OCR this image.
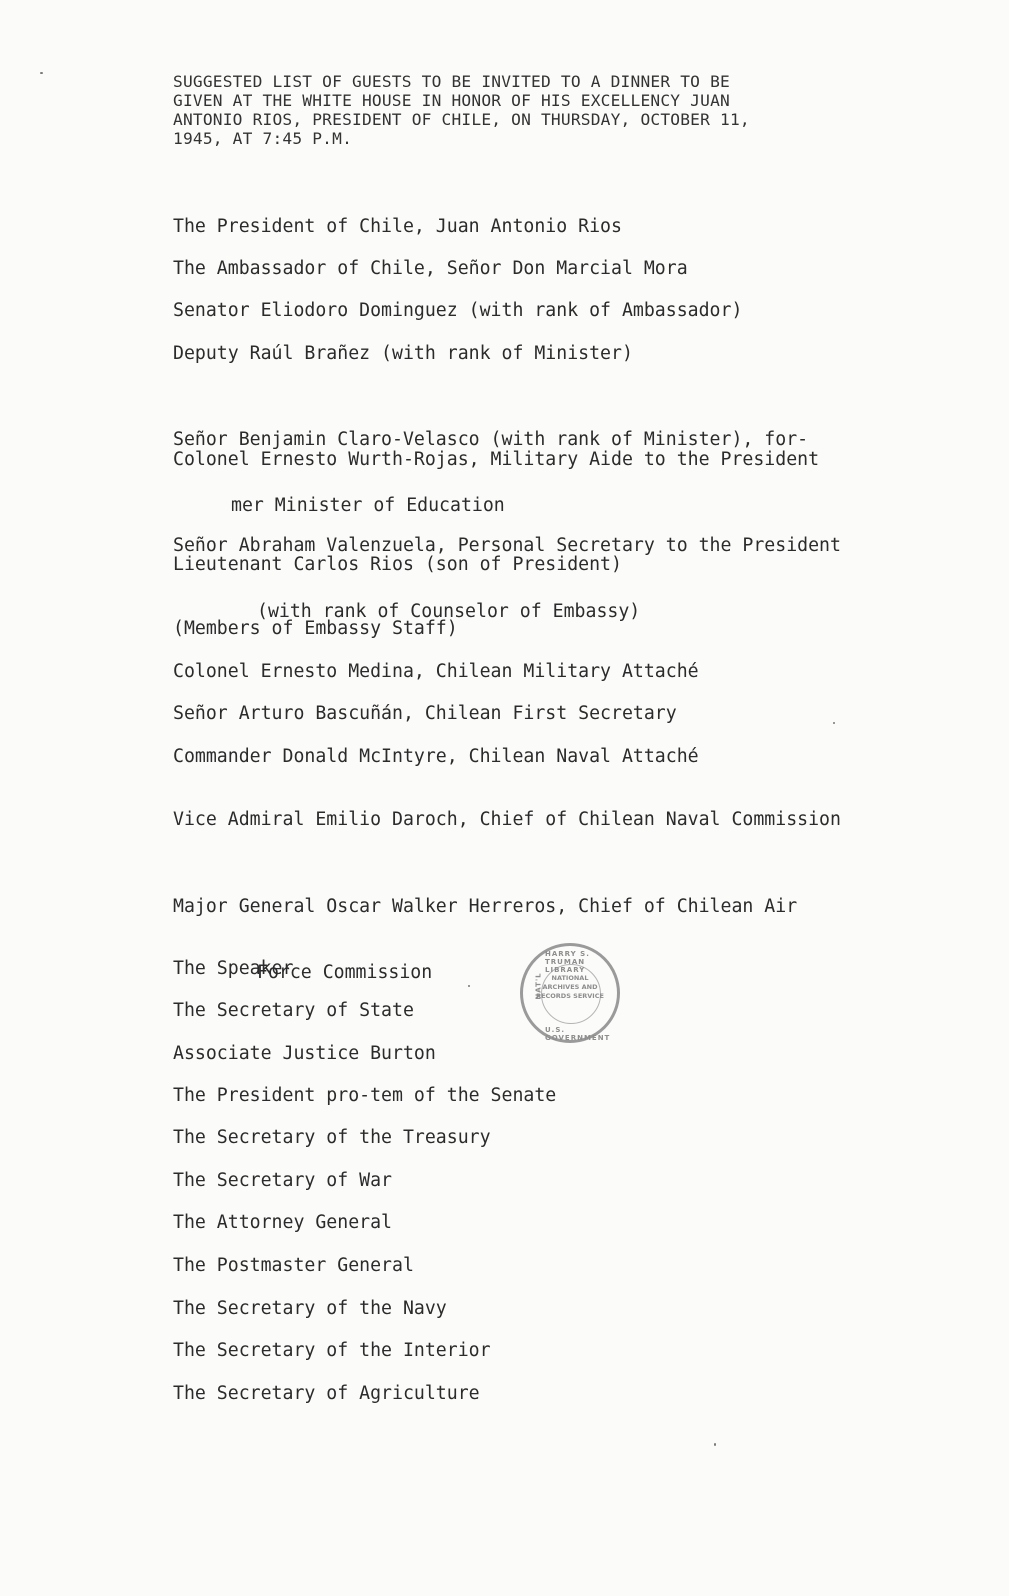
SUGGESTED LIST OF GUESTS TO BE INVITED TO A DINNER TO BE
GIVEN AT THE WHITE HOUSE IN HONOR OF HIS EXCELLENCY JUAN
ANTONIO RIOS, PRESIDENT OF CHILE, ON THURSDAY, OCTOBER 11,
1945, AT 7:45 P.M.
The President of Chile, Juan Antonio Rios
The Ambassador of Chile, Señor Don Marcial Mora
Senator Eliodoro Dominguez (with rank of Ambassador)
Deputy Raúl Brañez (with rank of Minister)

Señor Benjamin Claro-Velasco (with rank of Minister), for-

mer Minister of Education

Colonel Ernesto Wurth-Rojas, Military Aide to the President

Señor Abraham Valenzuela, Personal Secretary to the President

(with rank of Counselor of Embassy)

Lieutenant Carlos Rios (son of President)
(Members of Embassy Staff)
Colonel Ernesto Medina, Chilean Military Attaché
Señor Arturo Bascuñán, Chilean First Secretary
Commander Donald McIntyre, Chilean Naval Attaché
Vice Admiral Emilio Daroch, Chief of Chilean Naval Commission

Major General Oscar Walker Herreros, Chief of Chilean Air

Force Commission

The Speaker
The Secretary of State
Associate Justice Burton
The President pro-tem of the Senate
The Secretary of the Treasury
The Secretary of War
The Attorney General
The Postmaster General
The Secretary of the Navy
The Secretary of the Interior
The Secretary of Agriculture
HARRY S. TRUMAN LIBRARY
NAT'L
U.S. GOVERNMENT
NATIONAL ARCHIVES AND RECORDS SERVICE
